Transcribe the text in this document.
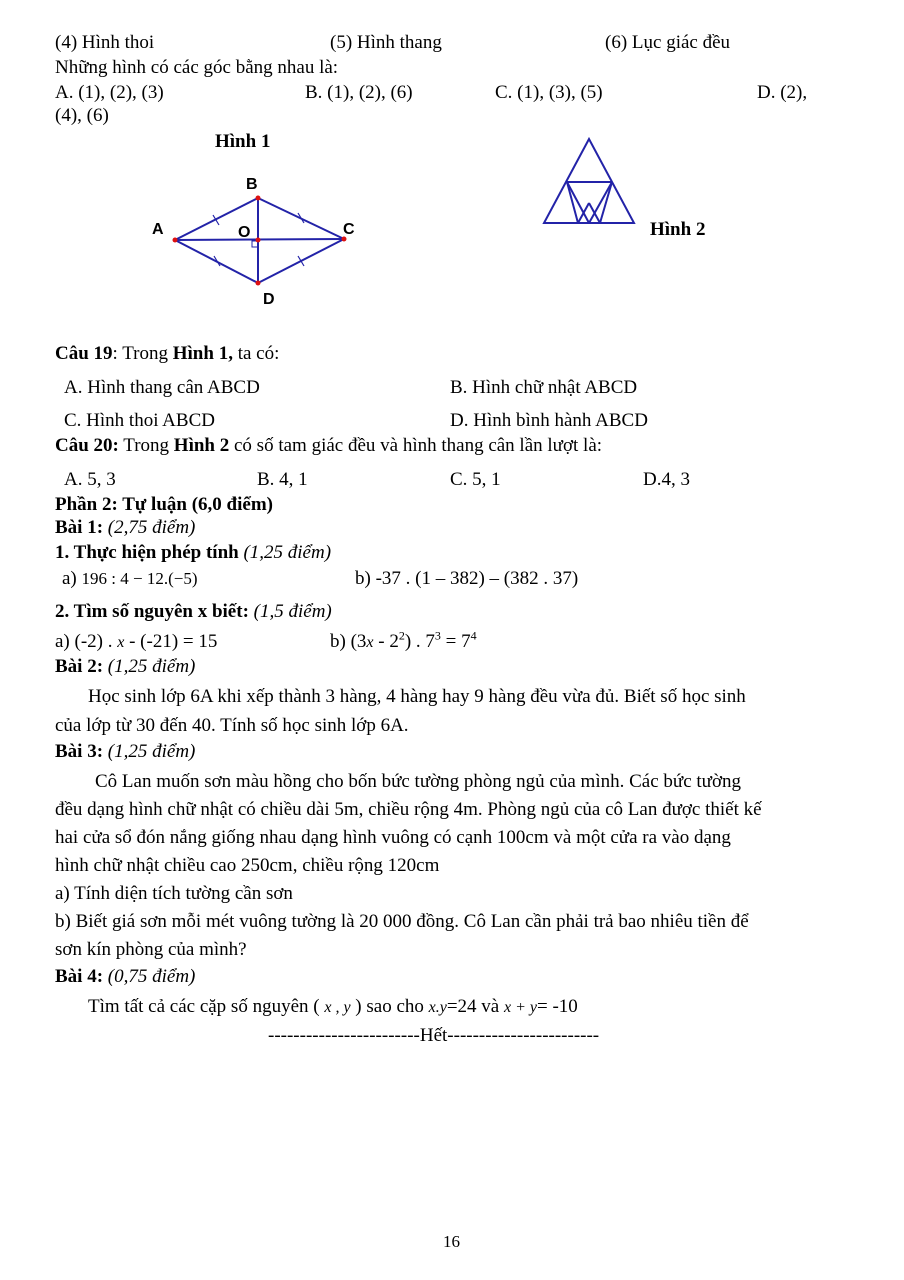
(4) Hình thoi	(5) Hình thang	(6) Lục giác đều
Những hình có các góc bằng nhau là:
A. (1), (2), (3)	B. (1), (2), (6)	C. (1), (3), (5)	D. (2),
(4), (6)
Hình 1
B
A	O	C
D
Hình 2
Câu 19: Trong Hình 1, ta có:
A. Hình thang cân ABCD	B. Hình chữ nhật ABCD
C. Hình thoi ABCD	D. Hình bình hành ABCD
Câu 20: Trong Hình 2 có số tam giác đều và hình thang cân lần lượt là:
A. 5, 3	B. 4, 1	C. 5, 1	D.4, 3
Phần 2: Tự luận (6,0 điểm)
Bài 1: (2,75 điểm)
1. Thực hiện phép tính (1,25 điểm)
a) 196 : 4 − 12.(−5)	b) -37 . (1 – 382) – (382 . 37)
2. Tìm số nguyên x biết: (1,5 điểm)
a) (-2) . x - (-21) = 15	b) $(3x - 2^2)$ . $7^3 = 7^4$
Bài 2: (1,25 điểm)
Học sinh lớp 6A khi xếp thành 3 hàng, 4 hàng hay 9 hàng đều vừa đủ. Biết số học sinh
của lớp từ 30 đến 40. Tính số học sinh lớp 6A.
Bài 3: (1,25 điểm)
Cô Lan muốn sơn màu hồng cho bốn bức tường phòng ngủ của mình. Các bức tường
đều dạng hình chữ nhật có chiều dài 5m, chiều rộng 4m. Phòng ngủ của cô Lan được thiết kế
hai cửa sổ đón nắng giống nhau dạng hình vuông có cạnh 100cm và một cửa ra vào dạng
hình chữ nhật chiều cao 250cm, chiều rộng 120cm
a) Tính diện tích tường cần sơn
b) Biết giá sơn mỗi mét vuông tường là 20 000 đồng. Cô Lan cần phải trả bao nhiêu tiền để
sơn kín phòng của mình?
Bài 4: (0,75 điểm)
Tìm tất cả các cặp số nguyên ( x , y ) sao cho x.y=24 và x + y= -10
------------------------Hết------------------------
16
